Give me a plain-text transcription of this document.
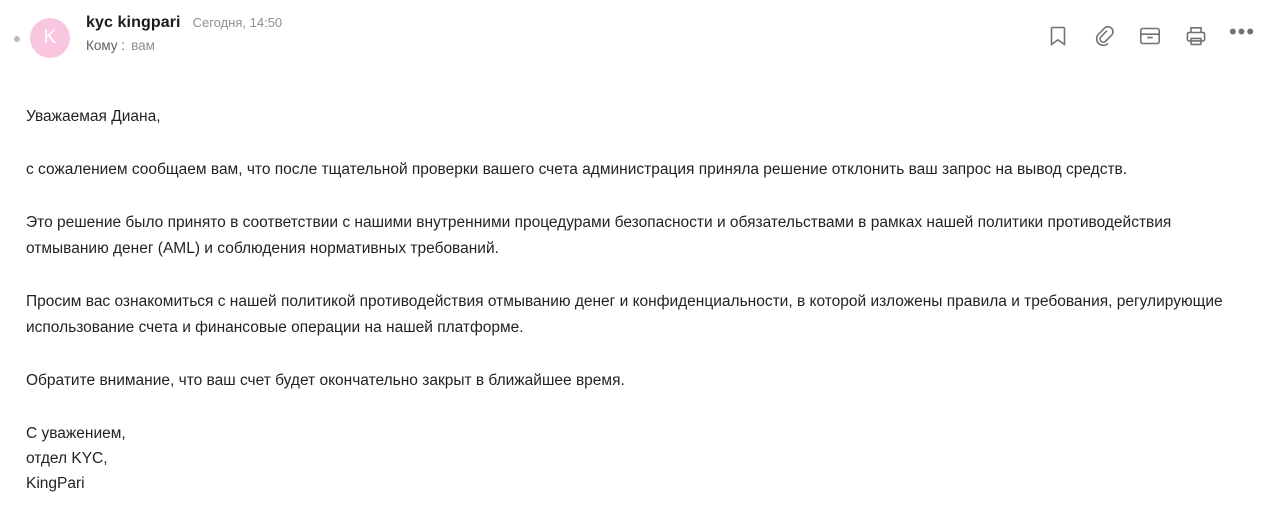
K
kyc kingpari Сегодня, 14:50
Кому : вам
•••

Уважаемая Диана,

с сожалением сообщаем вам, что после тщательной проверки вашего счета администрация приняла решение отклонить ваш запрос на вывод средств.

Это решение было принято в соответствии с нашими внутренними процедурами безопасности и обязательствами в рамках нашей политики противодействия отмыванию денег (AML) и соблюдения нормативных требований.

Просим вас ознакомиться с нашей политикой противодействия отмыванию денег и конфиденциальности, в которой изложены правила и требования, регулирующие использование счета и финансовые операции на нашей платформе.

Обратите внимание, что ваш счет будет окончательно закрыт в ближайшее время.

С уважением,

отдел KYC,

KingPari
